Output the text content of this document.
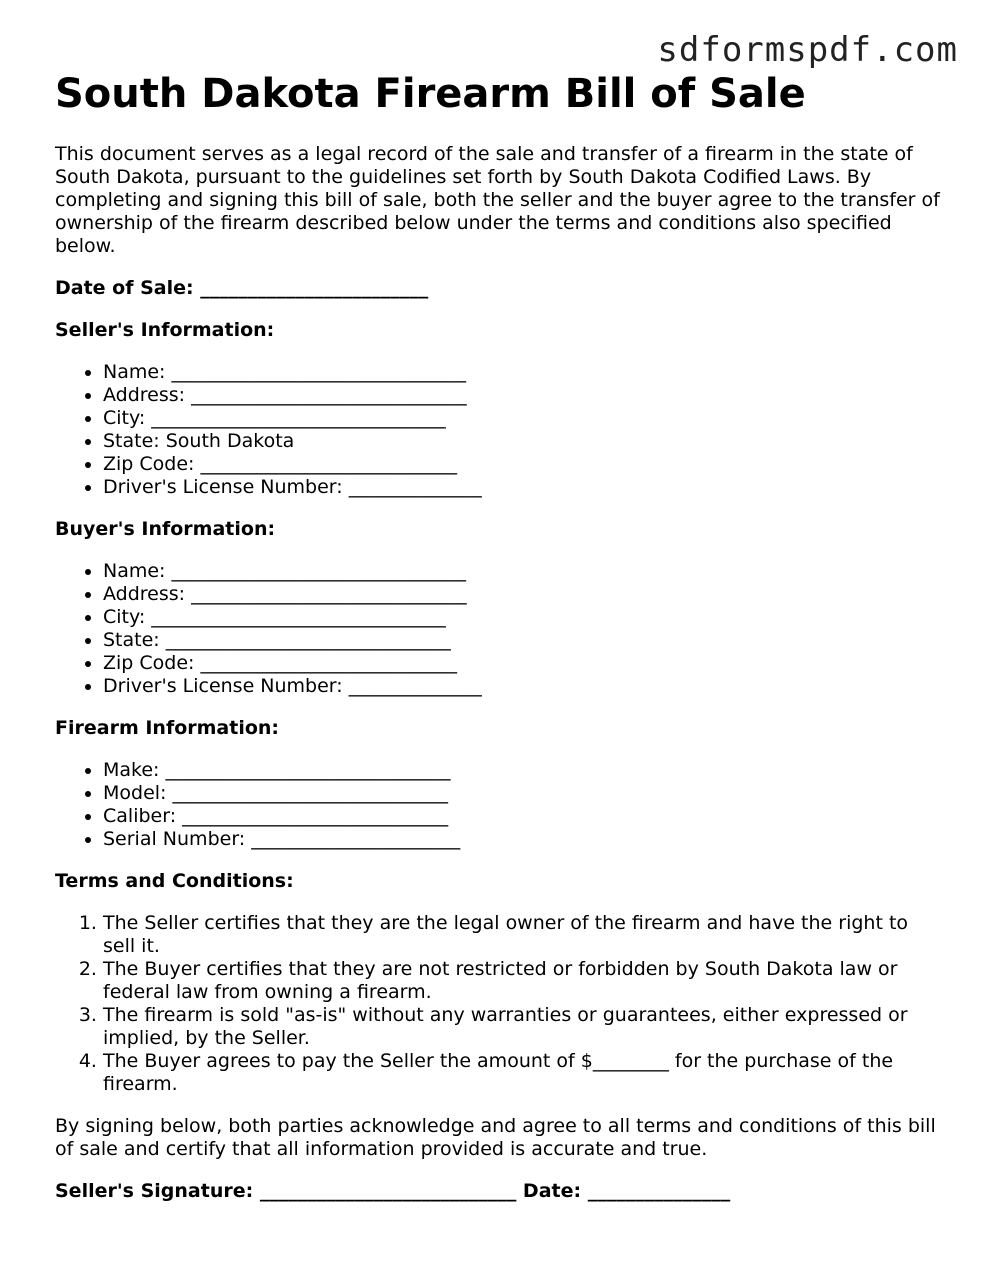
sdformspdf.com
South Dakota Firearm Bill of Sale

This document serves as a legal record of the sale and transfer of a firearm in the state of South Dakota, pursuant to the guidelines set forth by South Dakota Codified Laws. By completing and signing this bill of sale, both the seller and the buyer agree to the transfer of ownership of the firearm described below under the terms and conditions also specified below.

Date of Sale: ________________________

Seller's Information:

• Name: _______________________________
• Address: _____________________________
• City: _______________________________
• State: South Dakota
• Zip Code: ___________________________
• Driver's License Number: ______________

Buyer's Information:

• Name: _______________________________
• Address: _____________________________
• City: _______________________________
• State: ______________________________
• Zip Code: ___________________________
• Driver's License Number: ______________

Firearm Information:

• Make: ______________________________
• Model: _____________________________
• Caliber: ____________________________
• Serial Number: ______________________

Terms and Conditions:

1. The Seller certifies that they are the legal owner of the firearm and have the right to sell it.
2. The Buyer certifies that they are not restricted or forbidden by South Dakota law or federal law from owning a firearm.
3. The firearm is sold "as-is" without any warranties or guarantees, either expressed or implied, by the Seller.
4. The Buyer agrees to pay the Seller the amount of $________ for the purchase of the firearm.

By signing below, both parties acknowledge and agree to all terms and conditions of this bill of sale and certify that all information provided is accurate and true.

Seller's Signature: ___________________________ Date: _______________
